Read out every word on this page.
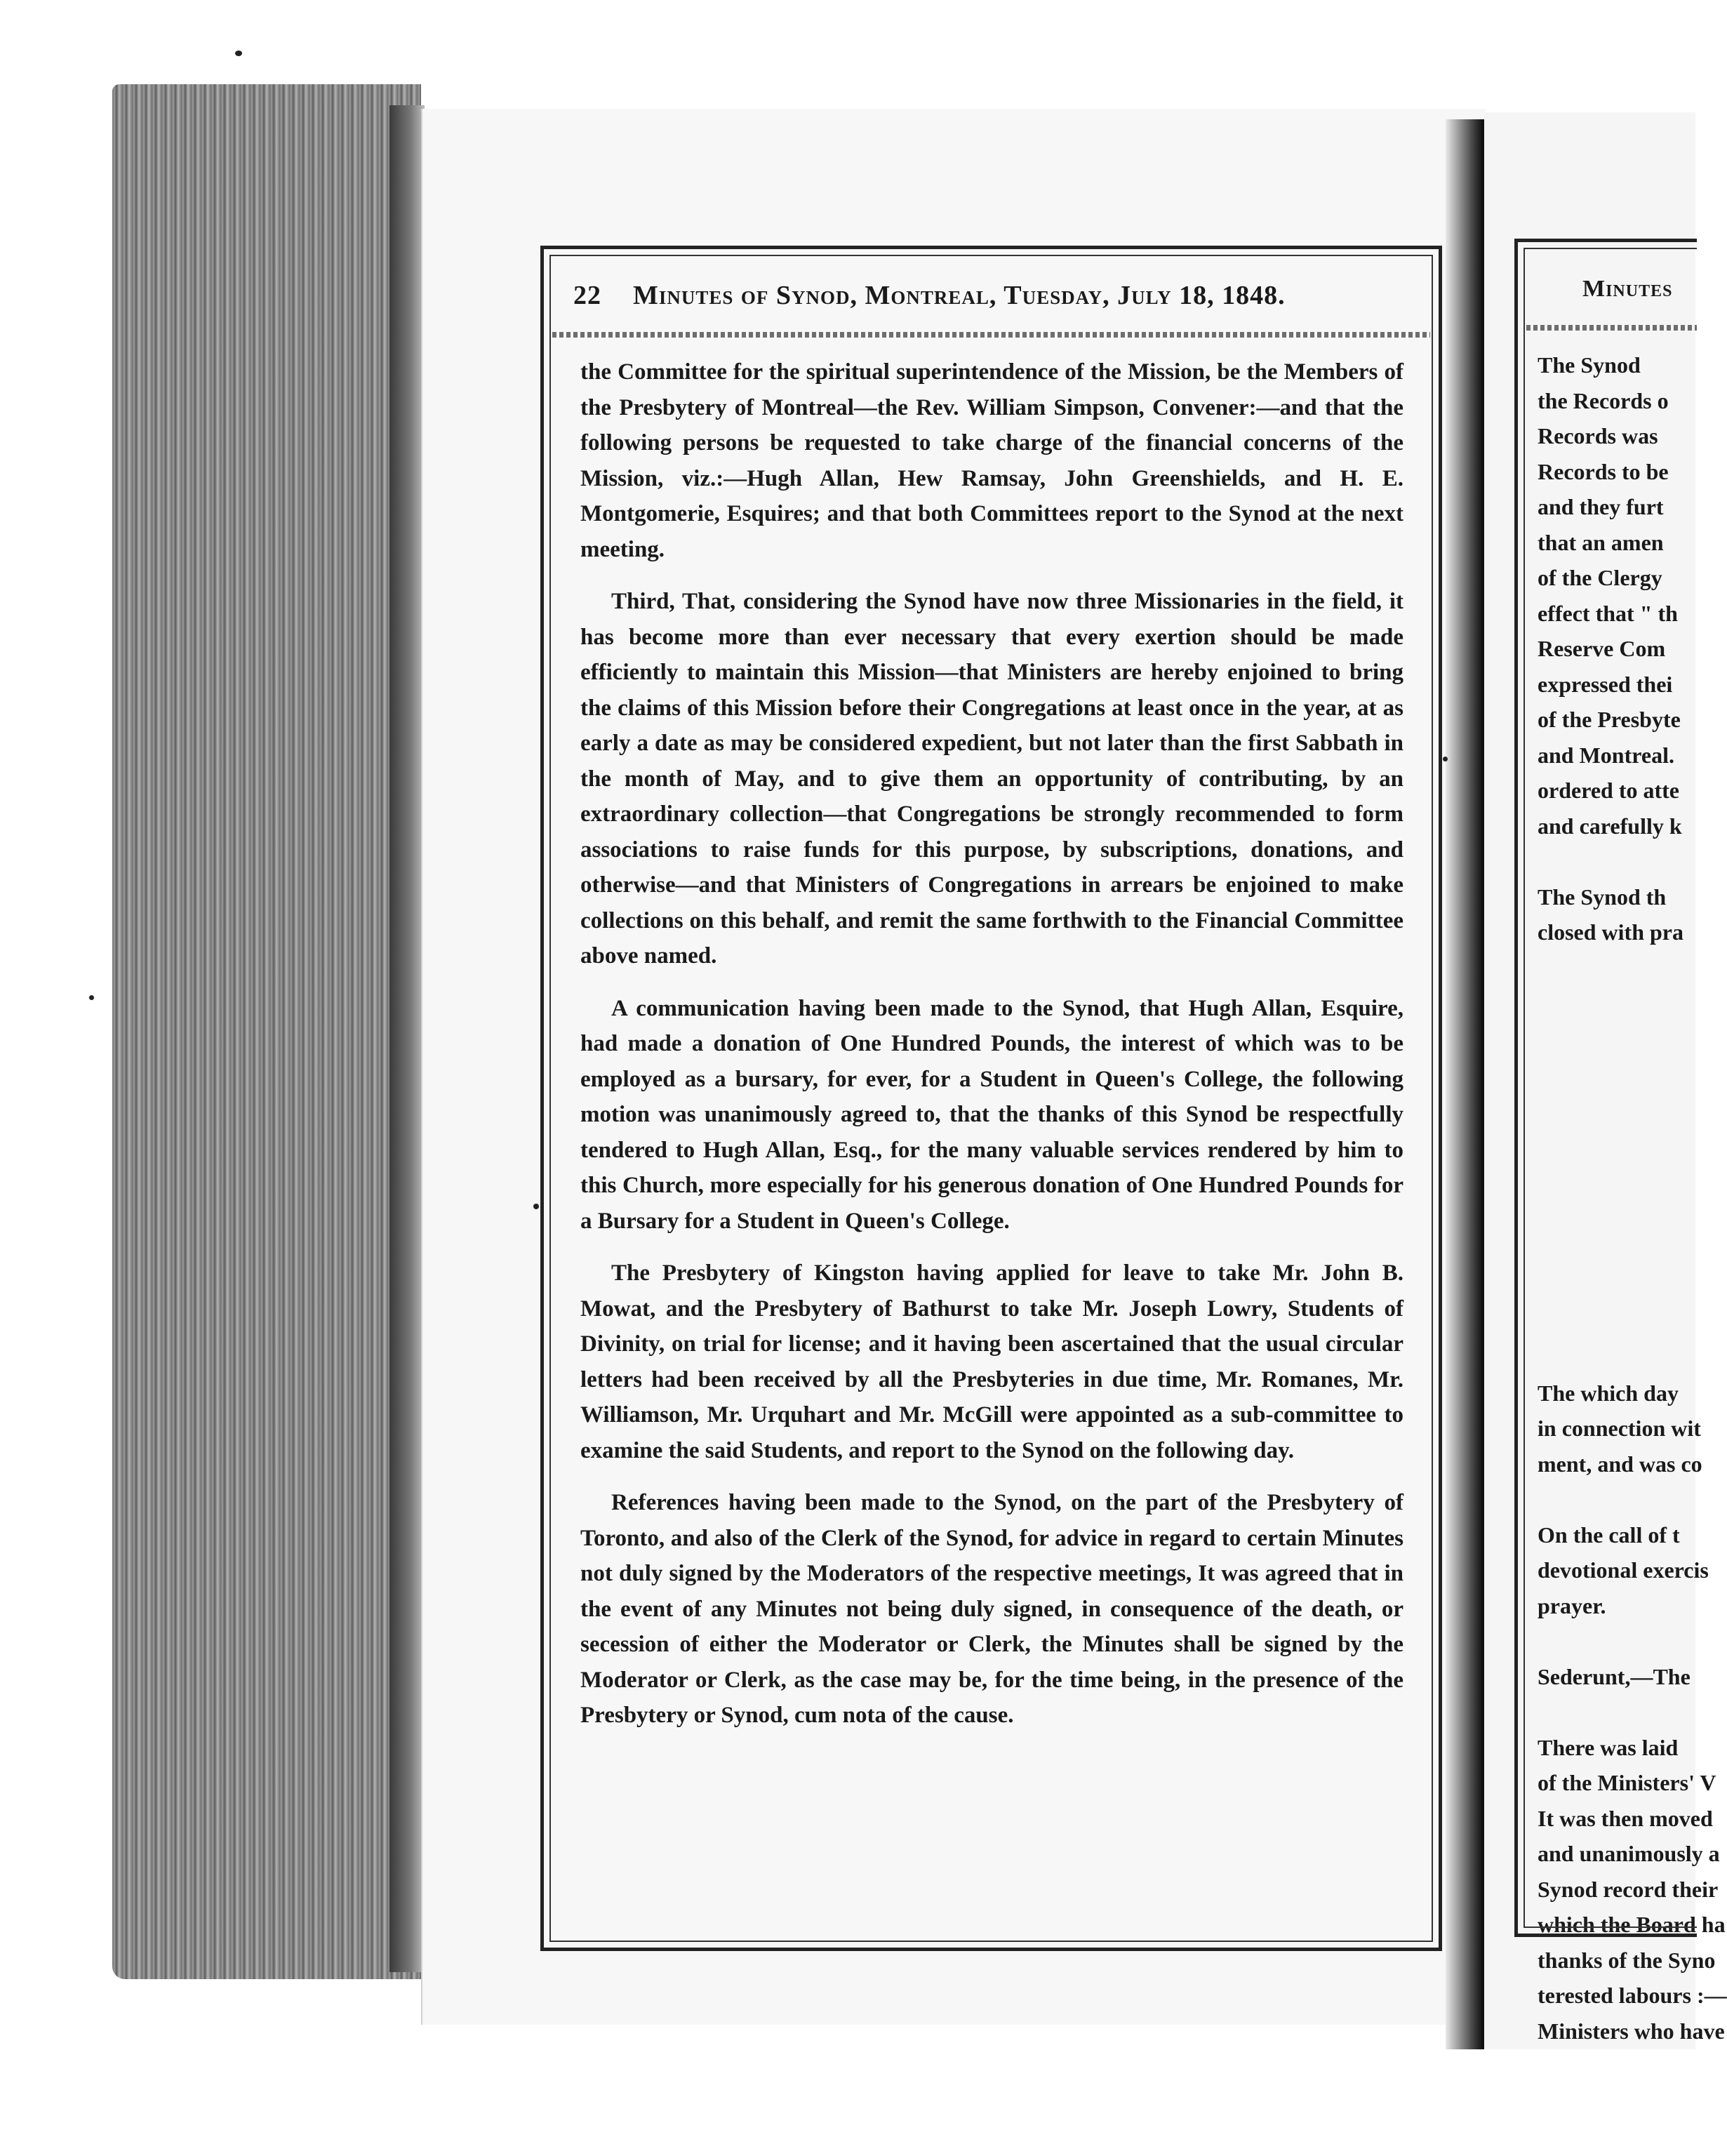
22	Minutes of Synod, Montreal, Tuesday, July 18, 1848.

the Committee for the spiritual superintendence of the Mission, be the Members of the Presbytery of Montreal—the Rev. William Simpson, Convener:—and that the following persons be requested to take charge of the financial concerns of the Mission, viz.:—Hugh Allan, Hew Ramsay, John Greenshields, and H. E. Montgomerie, Esquires; and that both Committees report to the Synod at the next meeting.

Third, That, considering the Synod have now three Missionaries in the field, it has become more than ever necessary that every exertion should be made efficiently to maintain this Mission—that Ministers are hereby enjoined to bring the claims of this Mission before their Congregations at least once in the year, at as early a date as may be considered expedient, but not later than the first Sabbath in the month of May, and to give them an opportunity of contributing, by an extraordinary collection—that Congregations be strongly recommended to form associations to raise funds for this purpose, by subscriptions, donations, and otherwise—and that Ministers of Congregations in arrears be enjoined to make collections on this behalf, and remit the same forthwith to the Financial Committee above named.

A communication having been made to the Synod, that Hugh Allan, Esquire, had made a donation of One Hundred Pounds, the interest of which was to be employed as a bursary, for ever, for a Student in Queen's College, the following motion was unanimously agreed to, that the thanks of this Synod be respectfully tendered to Hugh Allan, Esq., for the many valuable services rendered by him to this Church, more especially for his generous donation of One Hundred Pounds for a Bursary for a Student in Queen's College.

The Presbytery of Kingston having applied for leave to take Mr. John B. Mowat, and the Presbytery of Bathurst to take Mr. Joseph Lowry, Students of Divinity, on trial for license; and it having been ascertained that the usual circular letters had been received by all the Presbyteries in due time, Mr. Romanes, Mr. Williamson, Mr. Urquhart and Mr. McGill were appointed as a sub-committee to examine the said Students, and report to the Synod on the following day.

References having been made to the Synod, on the part of the Presbytery of Toronto, and also of the Clerk of the Synod, for advice in regard to certain Minutes not duly signed by the Moderators of the respective meetings, It was agreed that in the event of any Minutes not being duly signed, in consequence of the death, or secession of either the Moderator or Clerk, the Minutes shall be signed by the Moderator or Clerk, as the case may be, for the time being, in the presence of the Presbytery or Synod, cum nota of the cause.

Minutes
The Synod
the Records o
Records was
Records to be
and they furt
that an amen
of the Clergy
effect that " th
Reserve Com
expressed thei
of the Presbyte
and Montreal.
ordered to atte
and carefully k
The Synod th
closed with pra
The which day
in connection wit
ment, and was co
On the call of t
devotional exercis
prayer.
Sederunt,—The
There was laid
of the Ministers' V
It was then moved
and unanimously a
Synod record their
which the Board ha
thanks of the Syno
terested labours :—
Ministers who have
